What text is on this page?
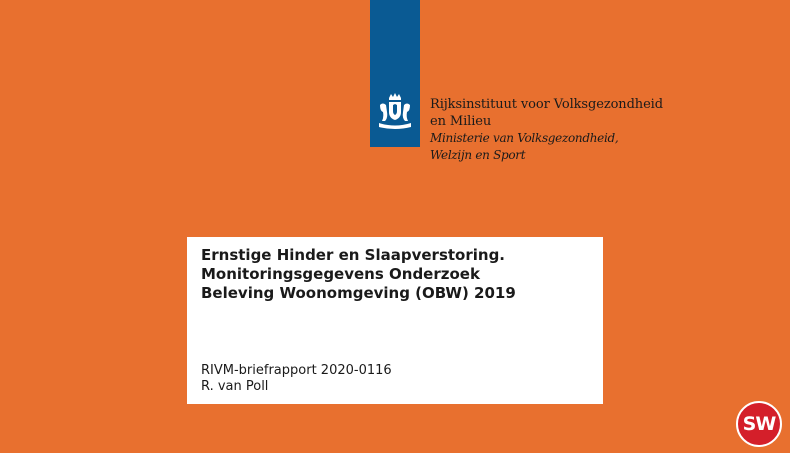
Rijksinstituut voor Volksgezondheid
en Milieu
Ministerie van Volksgezondheid,
Welzijn en Sport
Ernstige Hinder en Slaapverstoring.
Monitoringsgegevens Onderzoek
Beleving Woonomgeving (OBW) 2019
RIVM-briefrapport 2020-0116
R. van Poll
SW
